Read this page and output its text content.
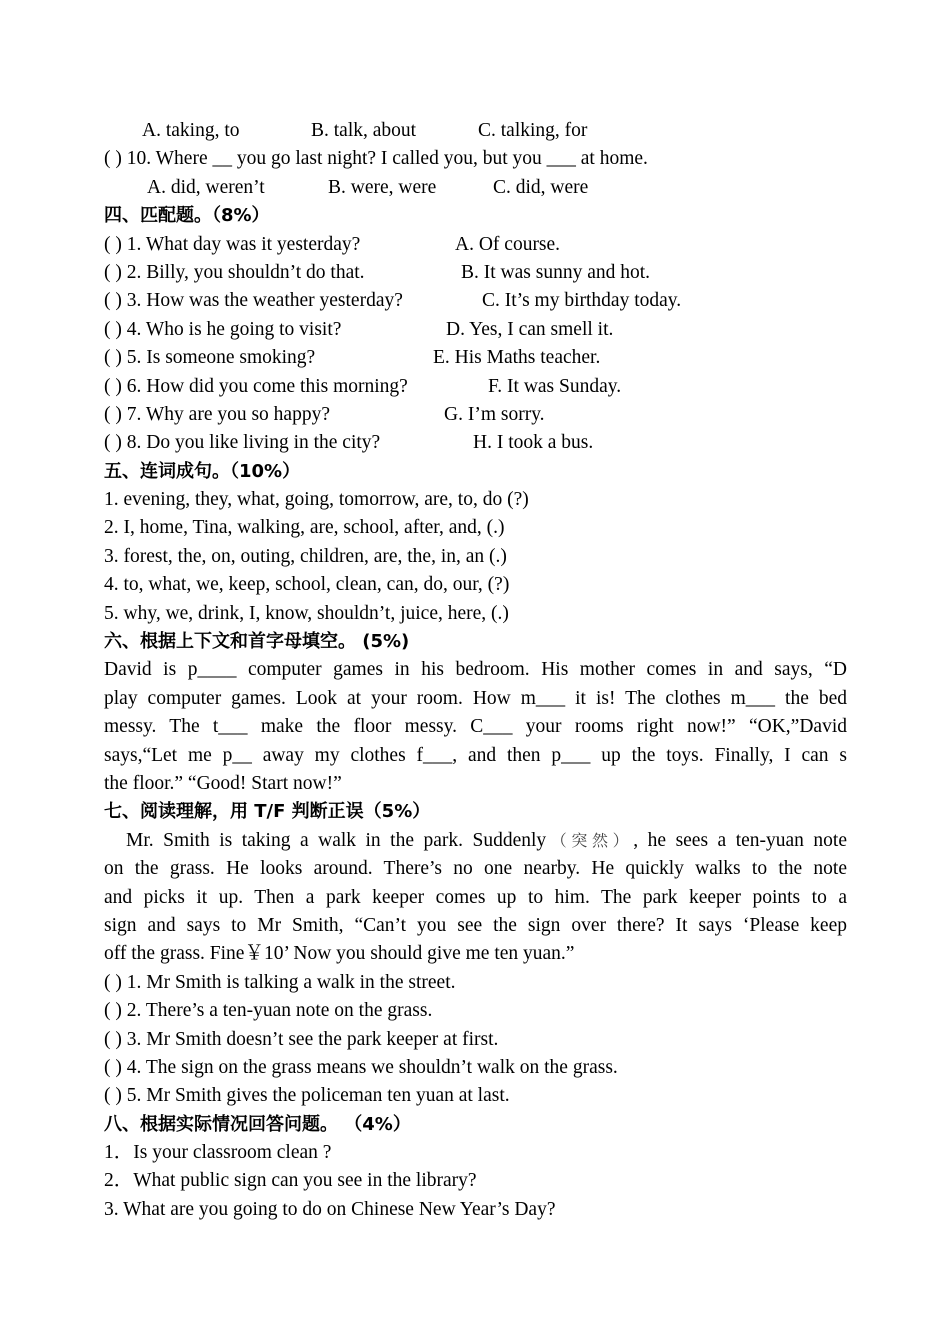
A. taking, to	B. talk, about	C. talking, for
( ) 10. Where __ you go last night? I called you, but you ___ at home.
A. did, weren’t	B. were, were	C. did, were
四、匹配题。（8%）
( ) 1. What day was it yesterday?	A. Of course.
( ) 2. Billy, you shouldn’t do that.	B. It was sunny and hot.
( ) 3. How was the weather yesterday?	C. It’s my birthday today.
( ) 4. Who is he going to visit?	D. Yes, I can smell it.
( ) 5. Is someone smoking?	E. His Maths teacher.
( ) 6. How did you come this morning?	F. It was Sunday.
( ) 7. Why are you so happy?	G. I’m sorry.
( ) 8. Do you like living in the city?	H. I took a bus.
五、连词成句。（10%）
1. evening, they, what, going, tomorrow, are, to, do (?)
2. I, home, Tina, walking, are, school, after, and, (.)
3. forest, the, on, outing, children, are, the, in, an (.)
4. to, what, we, keep, school, clean, can, do, our, (?)
5. why, we, drink, I, know, shouldn’t, juice, here, (.)
六、根据上下文和首字母填空。 (5%)
David is p____ computer games in his bedroom. His mother comes in and says, “D
play computer games. Look at your room. How m___ it is! The clothes m___ the bed
messy. The t___ make the floor messy. C___ your rooms right now!” “OK,”David
says,“Let me p__ away my clothes f___, and then p___ up the toys. Finally, I can s
the floor.” “Good! Start now!”
七、阅读理解，用 T/F 判断正误（5%）
Mr. Smith is taking a walk in the park. Suddenly（突然）, he sees a ten-yuan note
on the grass. He looks around. There’s no one nearby. He quickly walks to the note
and picks it up. Then a park keeper comes up to him. The park keeper points to a
sign and says to Mr Smith, “Can’t you see the sign over there? It says ‘Please keep
off the grass. Fine￥10’ Now you should give me ten yuan.”
( ) 1. Mr Smith is talking a walk in the street.
( ) 2. There’s a ten-yuan note on the grass.
( ) 3. Mr Smith doesn’t see the park keeper at first.
( ) 4. The sign on the grass means we shouldn’t walk on the grass.
( ) 5. Mr Smith gives the policeman ten yuan at last.
八、根据实际情况回答问题。 （4%）
1．Is your classroom clean ?
2．What public sign can you see in the library?
3. What are you going to do on Chinese New Year’s Day?
